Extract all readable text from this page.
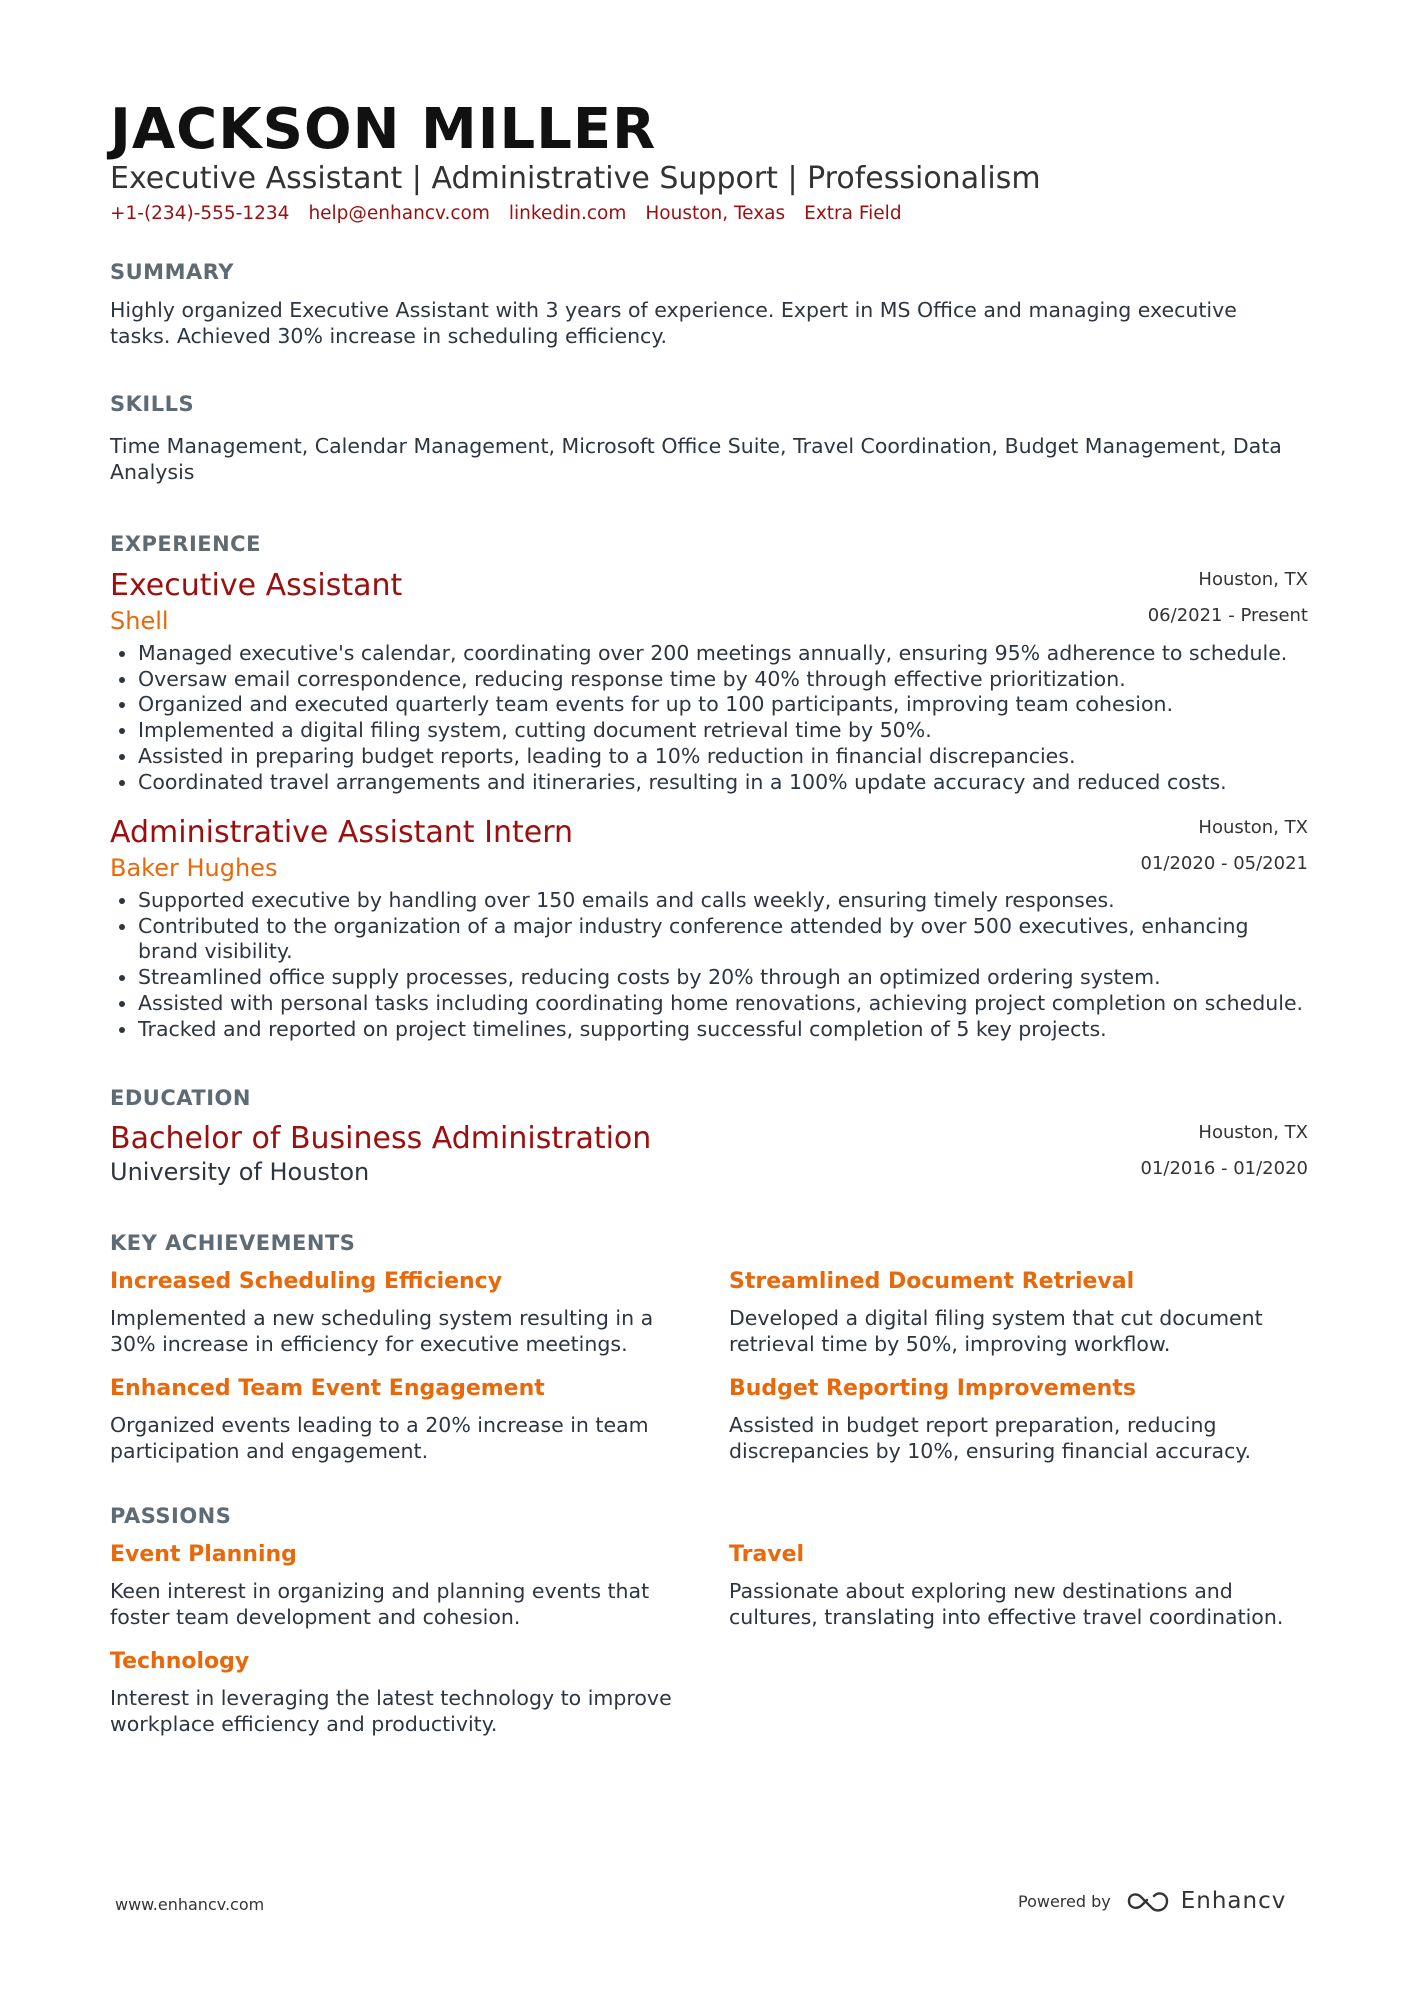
JACKSON MILLER
Executive Assistant | Administrative Support | Professionalism
+1-(234)-555-1234 help@enhancv.com linkedin.com Houston, Texas Extra Field
SUMMARY
Highly organized Executive Assistant with 3 years of experience. Expert in MS Office and managing executive tasks. Achieved 30% increase in scheduling efficiency.
SKILLS
Time Management, Calendar Management, Microsoft Office Suite, Travel Coordination, Budget Management, Data Analysis
EXPERIENCE
Executive Assistant	Houston, TX
Shell	06/2021 - Present
• Managed executive's calendar, coordinating over 200 meetings annually, ensuring 95% adherence to schedule.
• Oversaw email correspondence, reducing response time by 40% through effective prioritization.
• Organized and executed quarterly team events for up to 100 participants, improving team cohesion.
• Implemented a digital filing system, cutting document retrieval time by 50%.
• Assisted in preparing budget reports, leading to a 10% reduction in financial discrepancies.
• Coordinated travel arrangements and itineraries, resulting in a 100% update accuracy and reduced costs.
Administrative Assistant Intern	Houston, TX
Baker Hughes	01/2020 - 05/2021
• Supported executive by handling over 150 emails and calls weekly, ensuring timely responses.
• Contributed to the organization of a major industry conference attended by over 500 executives, enhancing brand visibility.
• Streamlined office supply processes, reducing costs by 20% through an optimized ordering system.
• Assisted with personal tasks including coordinating home renovations, achieving project completion on schedule.
• Tracked and reported on project timelines, supporting successful completion of 5 key projects.
EDUCATION
Bachelor of Business Administration	Houston, TX
University of Houston	01/2016 - 01/2020
KEY ACHIEVEMENTS
Increased Scheduling Efficiency
Implemented a new scheduling system resulting in a 30% increase in efficiency for executive meetings.
Streamlined Document Retrieval
Developed a digital filing system that cut document retrieval time by 50%, improving workflow.
Enhanced Team Event Engagement
Organized events leading to a 20% increase in team participation and engagement.
Budget Reporting Improvements
Assisted in budget report preparation, reducing discrepancies by 10%, ensuring financial accuracy.
PASSIONS
Event Planning
Keen interest in organizing and planning events that foster team development and cohesion.
Travel
Passionate about exploring new destinations and cultures, translating into effective travel coordination.
Technology
Interest in leveraging the latest technology to improve workplace efficiency and productivity.
www.enhancv.com	Powered by	Enhancv
